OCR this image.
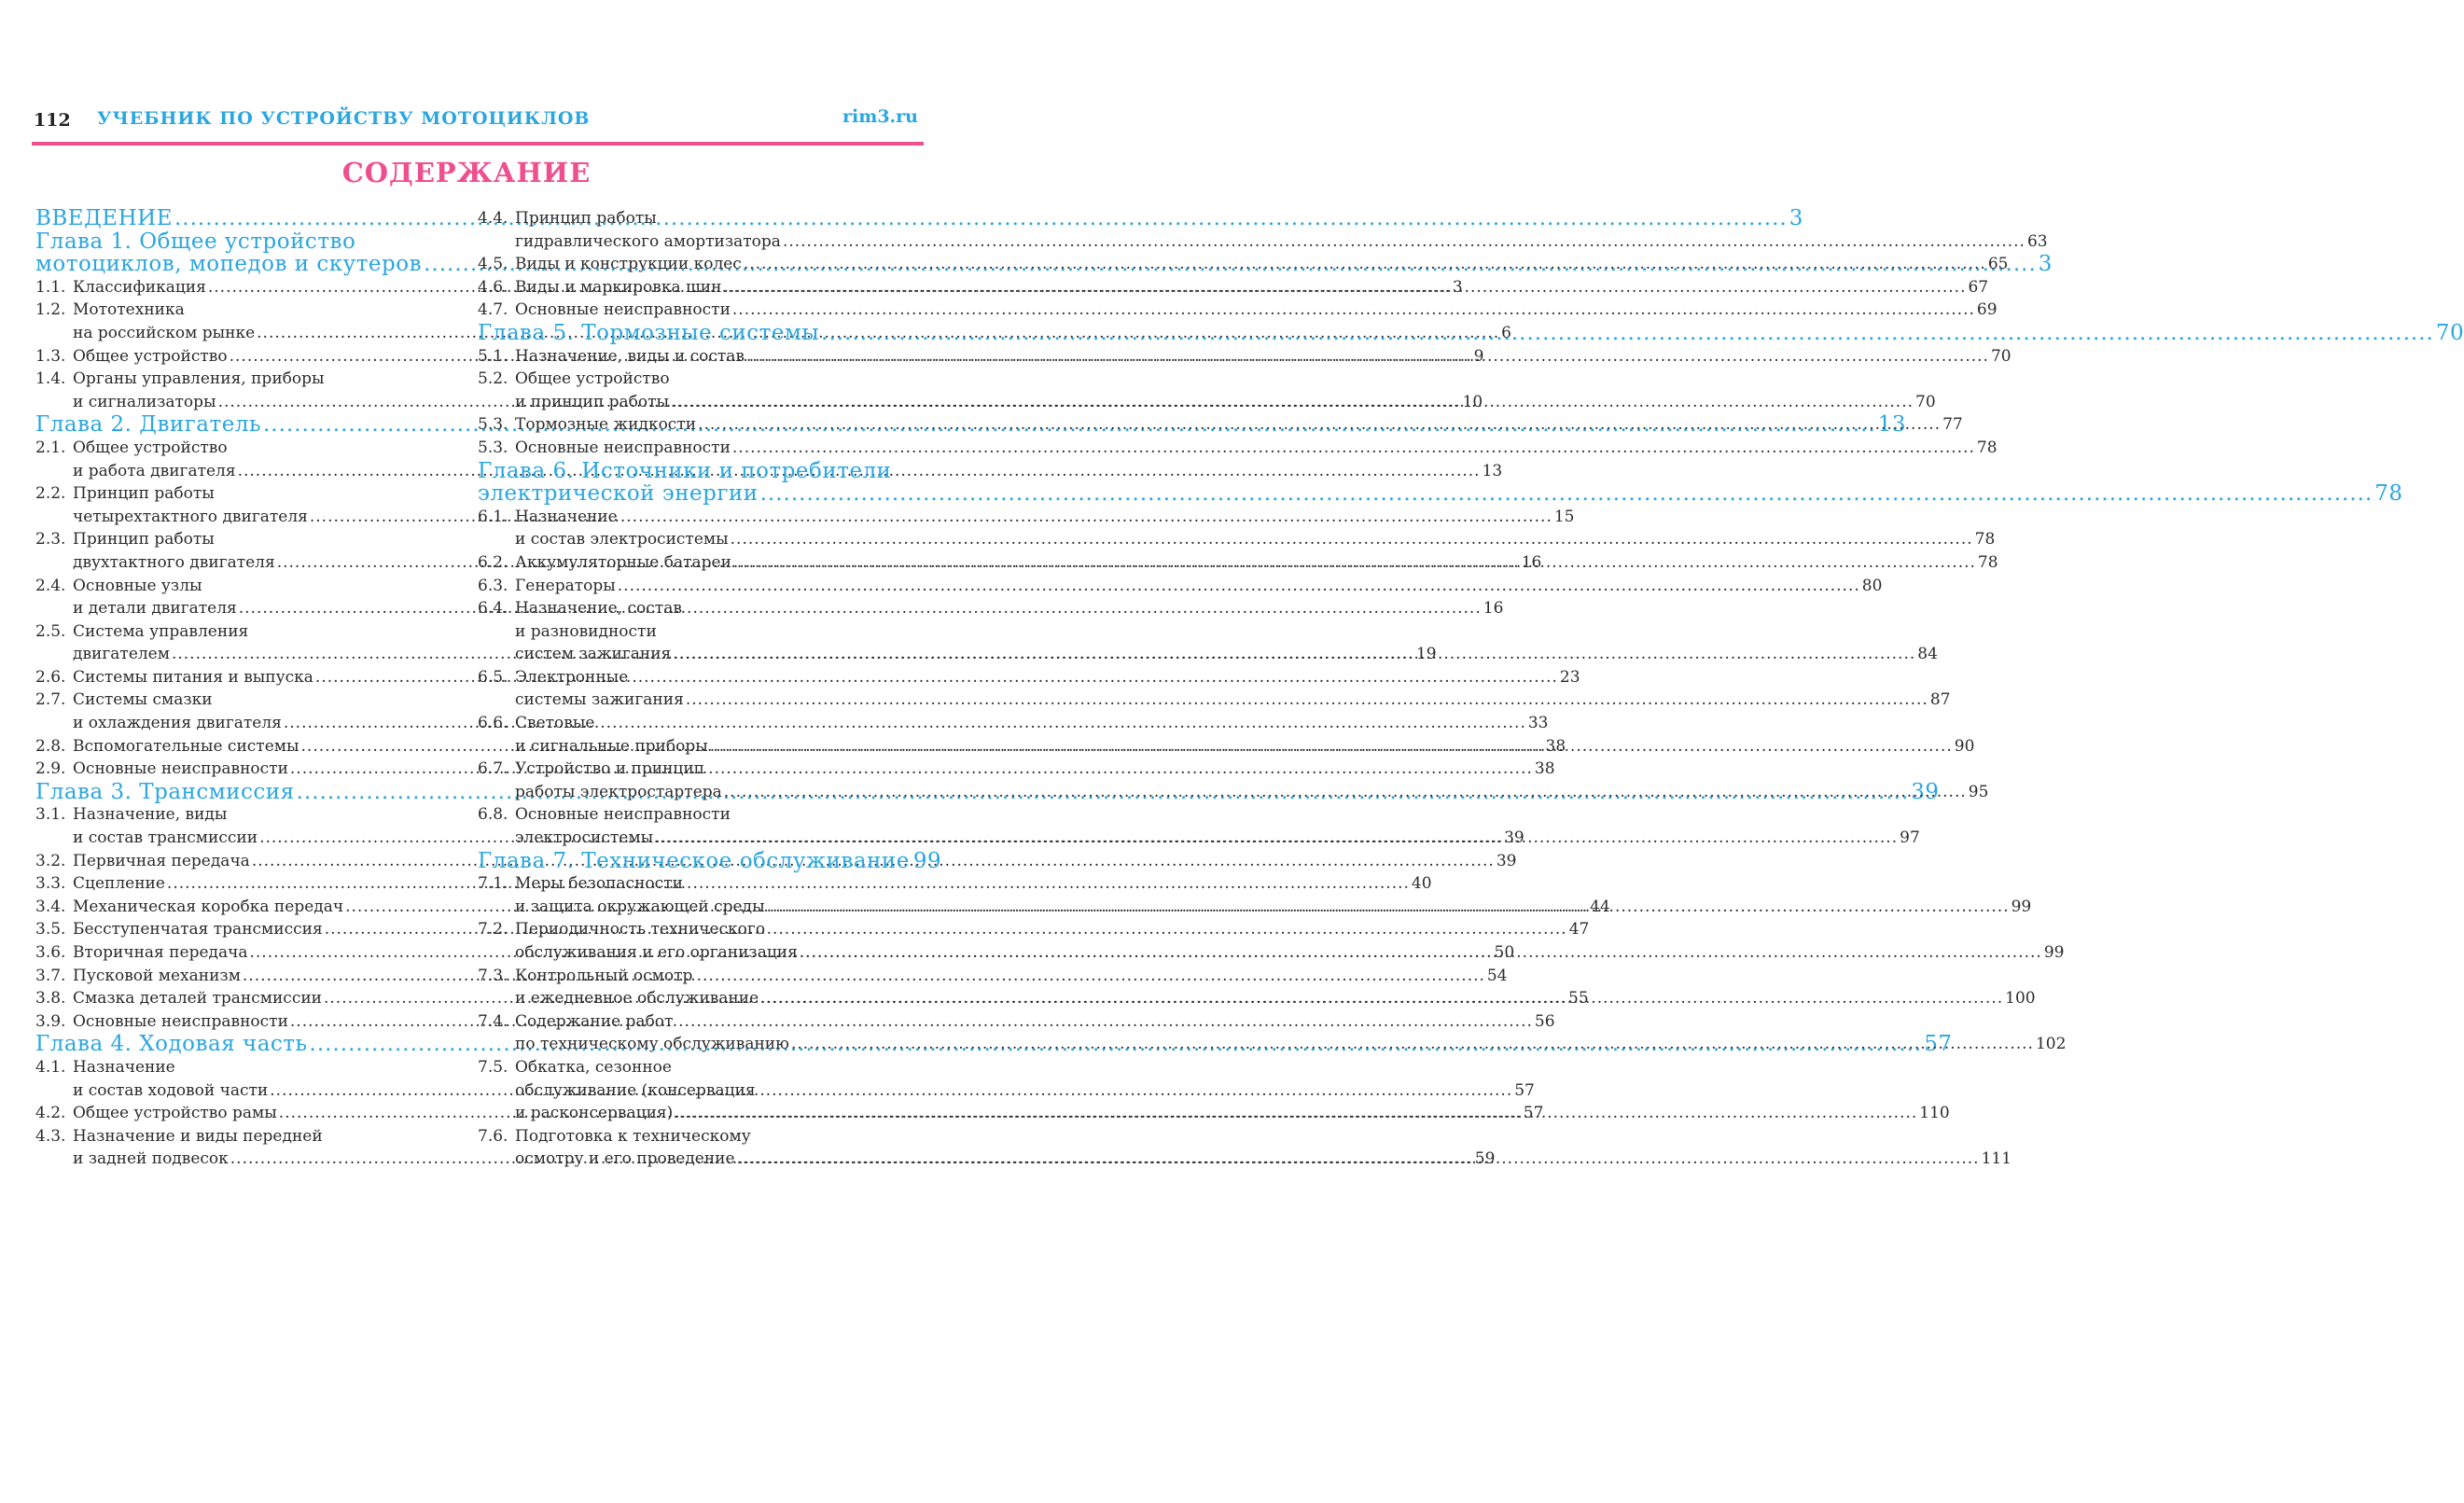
112 УЧЕБНИК ПО УСТРОЙСТВУ МОТОЦИКЛОВ	rim3.ru
СОДЕРЖАНИЕ
ВВЕДЕНИЕ .....	3
Глава 1. Общее устройство
мотоциклов, мопедов и скутеров .....	3
1.1. Классификация .....	3
1.2. Мототехника
на российском рынке .....	6
1.3. Общее устройство .....	9
1.4. Органы управления, приборы
и сигнализаторы .....	10
Глава 2. Двигатель .....	13
2.1. Общее устройство
и работа двигателя .....	13
2.2. Принцип работы
четырехтактного двигателя .....	15
2.3. Принцип работы
двухтактного двигателя .....	16
2.4. Основные узлы
и детали двигателя .....	16
2.5. Система управления
двигателем .....	19
2.6. Системы питания и выпуска .....	23
2.7. Системы смазки
и охлаждения двигателя .....	33
2.8. Вспомогательные системы .....	38
2.9. Основные неисправности .....	38
Глава 3. Трансмиссия .....	39
3.1. Назначение, виды
и состав трансмиссии .....	39
3.2. Первичная передача .....	39
3.3. Сцепление .....	40
3.4. Механическая коробка передач .....	44
3.5. Бесступенчатая трансмиссия .....	47
3.6. Вторичная передача .....	50
3.7. Пусковой механизм .....	54
3.8. Смазка деталей трансмиссии .....	55
3.9. Основные неисправности .....	56
Глава 4. Ходовая часть .....	57
4.1. Назначение
и состав ходовой части .....	57
4.2. Общее устройство рамы .....	57
4.3. Назначение и виды передней
и задней подвесок .....	59
4.4. Принцип работы
гидравлического амортизатора .....	63
4.5. Виды и конструкции колес .....	65
4.6. Виды и маркировка шин .....	67
4.7. Основные неисправности .....	69
Глава 5. Тормозные системы .....	70
5.1. Назначение, виды и состав .....	70
5.2. Общее устройство
и принцип работы .....	70
5.3. Тормозные жидкости .....	77
5.3. Основные неисправности .....	78
Глава 6. Источники и потребители
электрической энергии .....	78
6.1. Назначение
и состав электросистемы .....	78
6.2. Аккумуляторные батареи .....	78
6.3. Генераторы .....	80
6.4. Назначение, состав
и разновидности
систем зажигания .....	84
6.5. Электронные
системы зажигания .....	87
6.6. Световые
и сигнальные приборы .....	90
6.7. Устройство и принцип
работы электростартера .....	95
6.8. Основные неисправности
электросистемы .....	97
Глава 7. Техническое обслуживание 99
7.1. Меры безопасности
и защита окружающей среды .....	99
7.2. Периодичность технического
обслуживания и его организация .....	99
7.3. Контрольный осмотр
и ежедневное обслуживание .....	100
7.4. Содержание работ
по техническому обслуживанию .....	102
7.5. Обкатка, сезонное
обслуживание (консервация
и расконсервация) .....	110
7.6. Подготовка к техническому
осмотру и его проведение .....	111
